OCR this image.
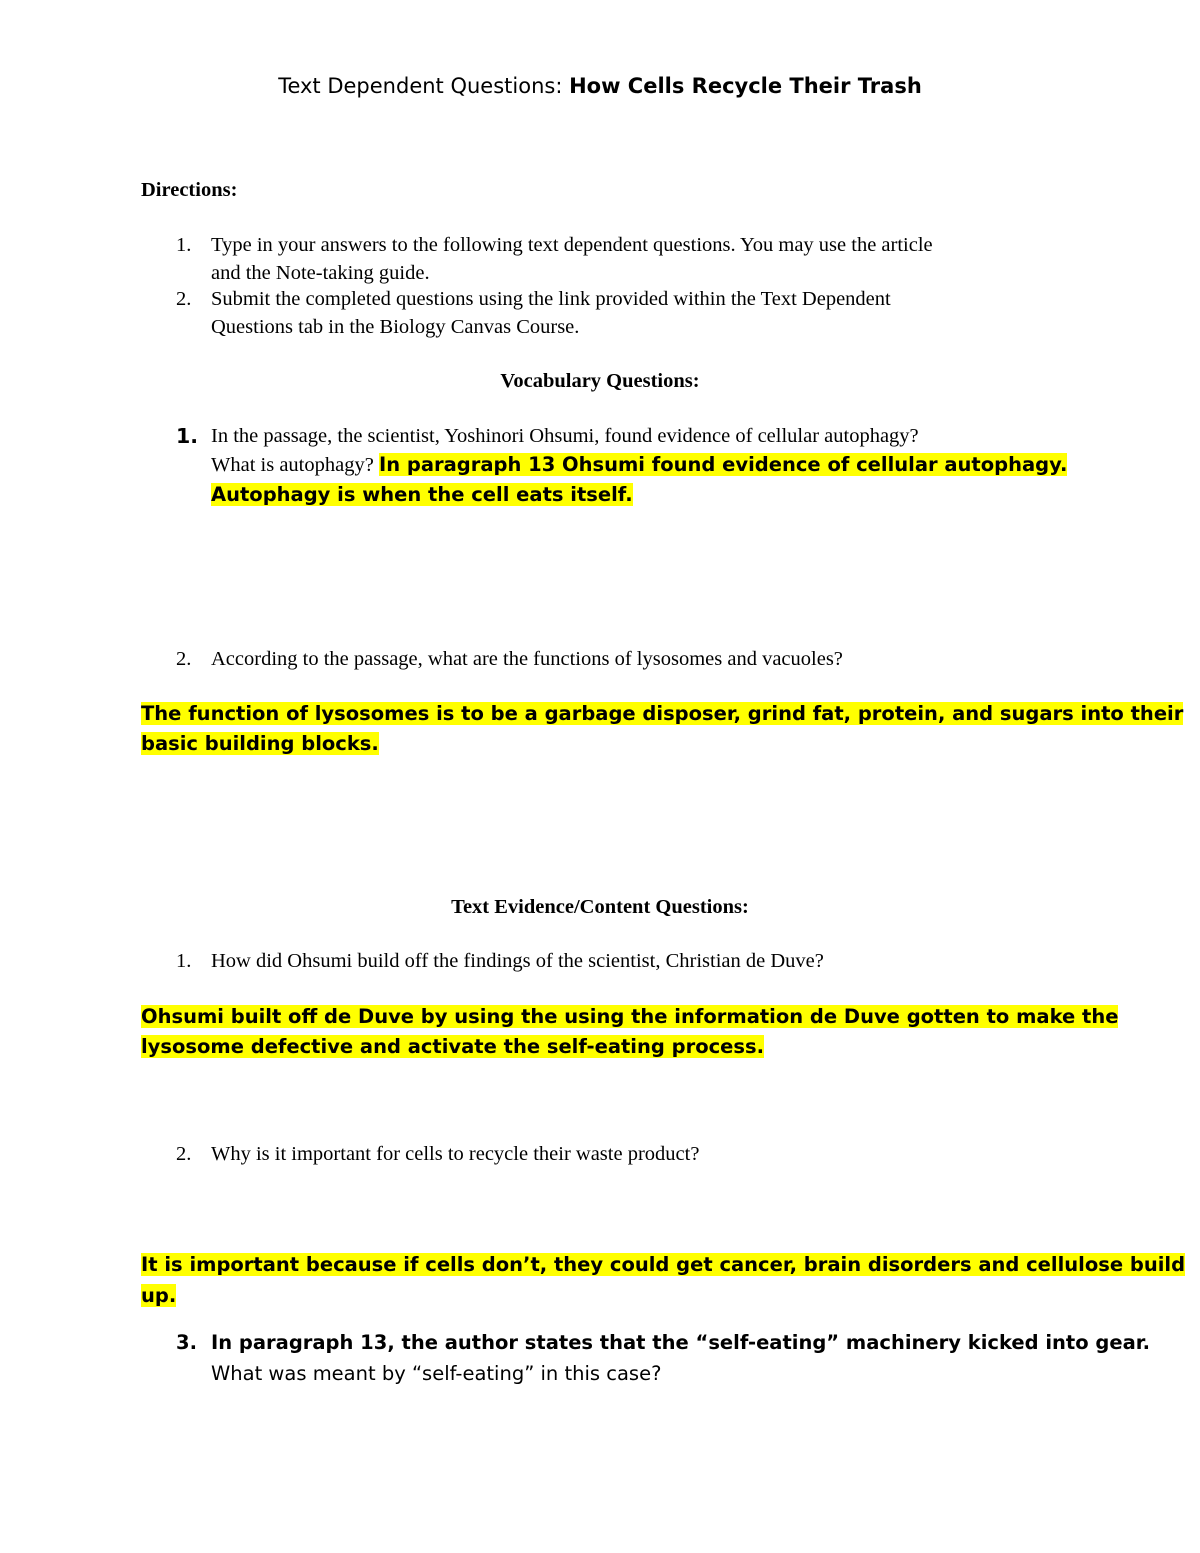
Text Dependent Questions: How Cells Recycle Their Trash
Directions:
1. Type in your answers to the following text dependent questions. You may use the article
and the Note-taking guide.
2. Submit the completed questions using the link provided within the Text Dependent
Questions tab in the Biology Canvas Course.
Vocabulary Questions:
1. In the passage, the scientist, Yoshinori Ohsumi, found evidence of cellular autophagy?
What is autophagy? In paragraph 13 Ohsumi found evidence of cellular autophagy.
Autophagy is when the cell eats itself.
2. According to the passage, what are the functions of lysosomes and vacuoles?
The function of lysosomes is to be a garbage disposer, grind fat, protein, and sugars into their
basic building blocks.
Text Evidence/Content Questions:
1. How did Ohsumi build off the findings of the scientist, Christian de Duve?
Ohsumi built off de Duve by using the using the information de Duve gotten to make the
lysosome defective and activate the self-eating process.
2. Why is it important for cells to recycle their waste product?
It is important because if cells don’t, they could get cancer, brain disorders and cellulose build
up.
3. In paragraph 13, the author states that the “self-eating” machinery kicked into gear.
What was meant by “self-eating” in this case?
